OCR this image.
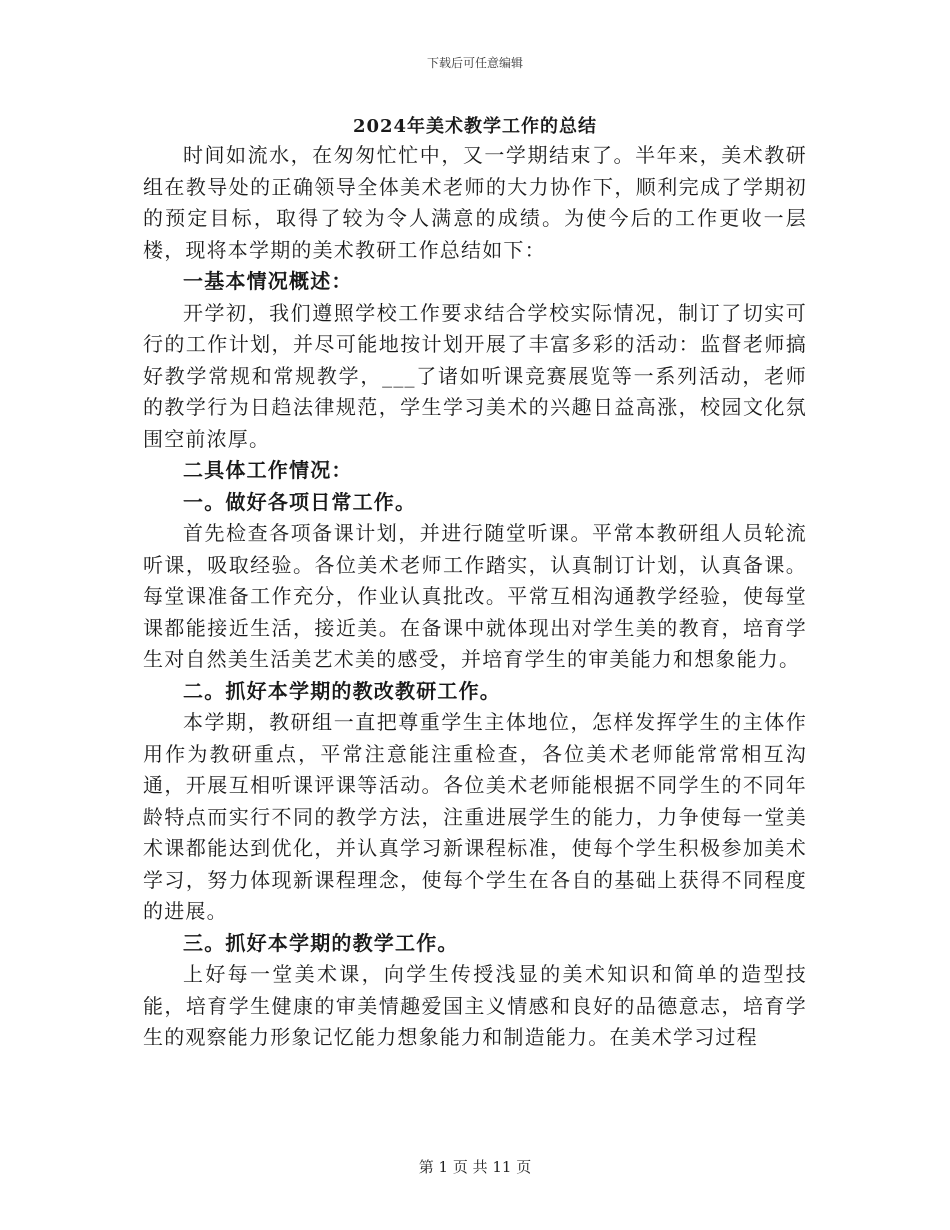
下载后可任意编辑
2024年美术教学工作的总结

时间如流水，在匆匆忙忙中，又一学期结束了。半年来，美术教研组在教导处的正确领导全体美术老师的大力协作下，顺利完成了学期初的预定目标，取得了较为令人满意的成绩。为使今后的工作更收一层楼，现将本学期的美术教研工作总结如下：

一基本情况概述：

开学初，我们遵照学校工作要求结合学校实际情况，制订了切实可行的工作计划，并尽可能地按计划开展了丰富多彩的活动：监督老师搞好教学常规和常规教学，___了诸如听课竞赛展览等一系列活动，老师的教学行为日趋法律规范，学生学习美术的兴趣日益高涨，校园文化氛围空前浓厚。

二具体工作情况：

一。做好各项日常工作。

首先检查各项备课计划，并进行随堂听课。平常本教研组人员轮流听课，吸取经验。各位美术老师工作踏实，认真制订计划，认真备课。每堂课准备工作充分，作业认真批改。平常互相沟通教学经验，使每堂课都能接近生活，接近美。在备课中就体现出对学生美的教育，培育学生对自然美生活美艺术美的感受，并培育学生的审美能力和想象能力。

二。抓好本学期的教改教研工作。

本学期，教研组一直把尊重学生主体地位，怎样发挥学生的主体作用作为教研重点，平常注意能注重检查，各位美术老师能常常相互沟通，开展互相听课评课等活动。各位美术老师能根据不同学生的不同年龄特点而实行不同的教学方法，注重进展学生的能力，力争使每一堂美术课都能达到优化，并认真学习新课程标准，使每个学生积极参加美术学习，努力体现新课程理念，使每个学生在各自的基础上获得不同程度的进展。

三。抓好本学期的教学工作。

上好每一堂美术课，向学生传授浅显的美术知识和简单的造型技能，培育学生健康的审美情趣爱国主义情感和良好的品德意志，培育学生的观察能力形象记忆能力想象能力和制造能力。在美术学习过程

第 1 页 共 11 页
